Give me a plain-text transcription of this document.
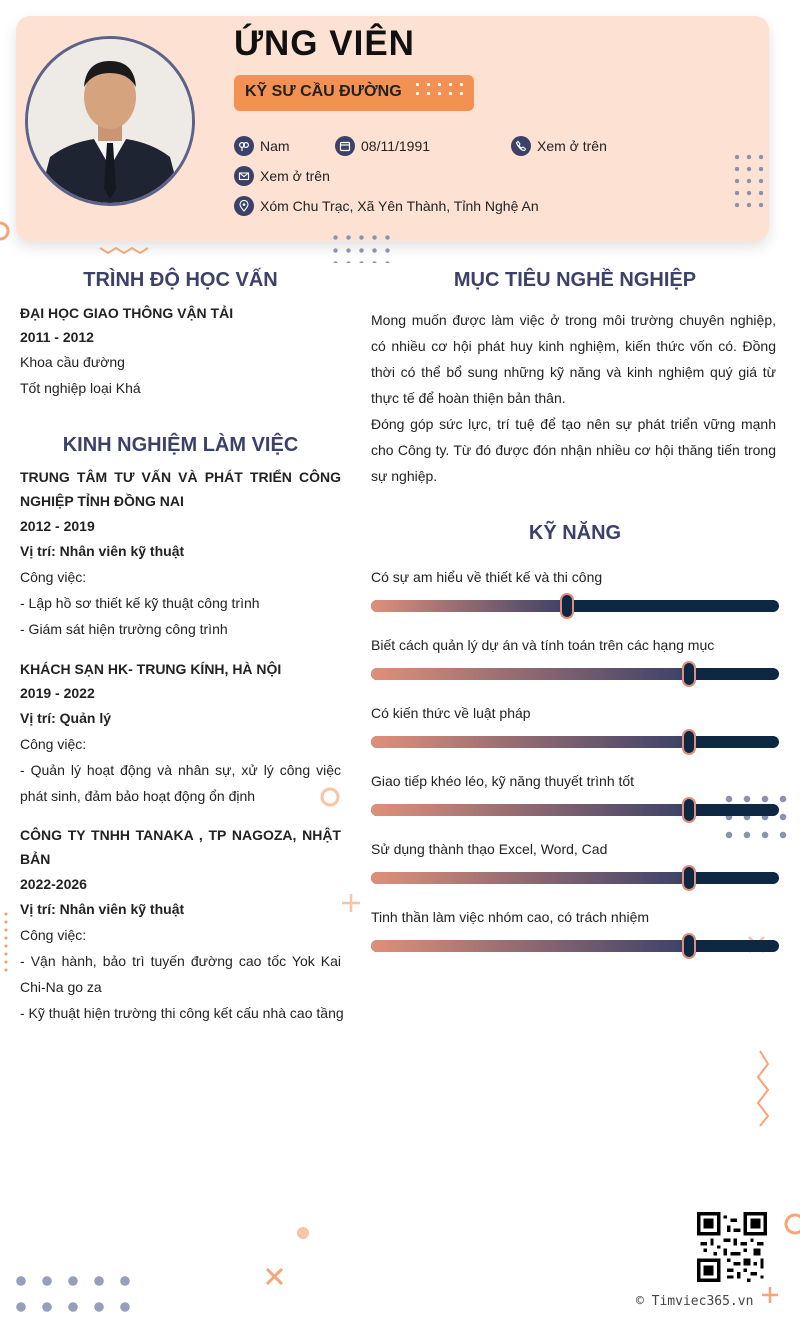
ỨNG VIÊN
KỸ SƯ CẦU ĐƯỜNG
Nam	08/11/1991	Xem ở trên
Xem ở trên
Xóm Chu Trạc, Xã Yên Thành, Tỉnh Nghệ An
TRÌNH ĐỘ HỌC VẤN
ĐẠI HỌC GIAO THÔNG VẬN TẢI
2011 - 2012
Khoa cầu đường
Tốt nghiệp loại Khá
KINH NGHIỆM LÀM VIỆC
TRUNG TÂM TƯ VẤN VÀ PHÁT TRIỂN CÔNG NGHIỆP TỈNH ĐỒNG NAI
2012 - 2019
Vị trí: Nhân viên kỹ thuật
Công việc:
- Lập hồ sơ thiết kế kỹ thuật công trình
- Giám sát hiện trường công trình
KHÁCH SẠN HK- TRUNG KÍNH, HÀ NỘI
2019 - 2022
Vị trí: Quản lý
Công việc:
- Quản lý hoạt động và nhân sự, xử lý công việc phát sinh, đảm bảo hoạt động ổn định
CÔNG TY TNHH TANAKA , TP NAGOZA, NHẬT BẢN
2022-2026
Vị trí: Nhân viên kỹ thuật
Công việc:
- Vận hành, bảo trì tuyến đường cao tốc Yok Kai Chi-Na go za
- Kỹ thuật hiện trường thi công kết cấu nhà cao tầng
MỤC TIÊU NGHỀ NGHIỆP
Mong muốn được làm việc ở trong môi trường chuyên nghiệp, có nhiều cơ hội phát huy kinh nghiệm, kiến thức vốn có. Đồng thời có thể bổ sung những kỹ năng và kinh nghiệm quý giá từ thực tế để hoàn thiện bản thân.
Đóng góp sức lực, trí tuệ để tạo nên sự phát triển vững mạnh cho Công ty. Từ đó được đón nhận nhiều cơ hội thăng tiến trong sự nghiệp.
KỸ NĂNG
Có sự am hiểu về thiết kế và thi công
Biết cách quản lý dự án và tính toán trên các hạng mục
Có kiến thức về luật pháp
Giao tiếp khéo léo, kỹ năng thuyết trình tốt
Sử dụng thành thạo Excel, Word, Cad
Tinh thần làm việc nhóm cao, có trách nhiệm
© Timviec365.vn
